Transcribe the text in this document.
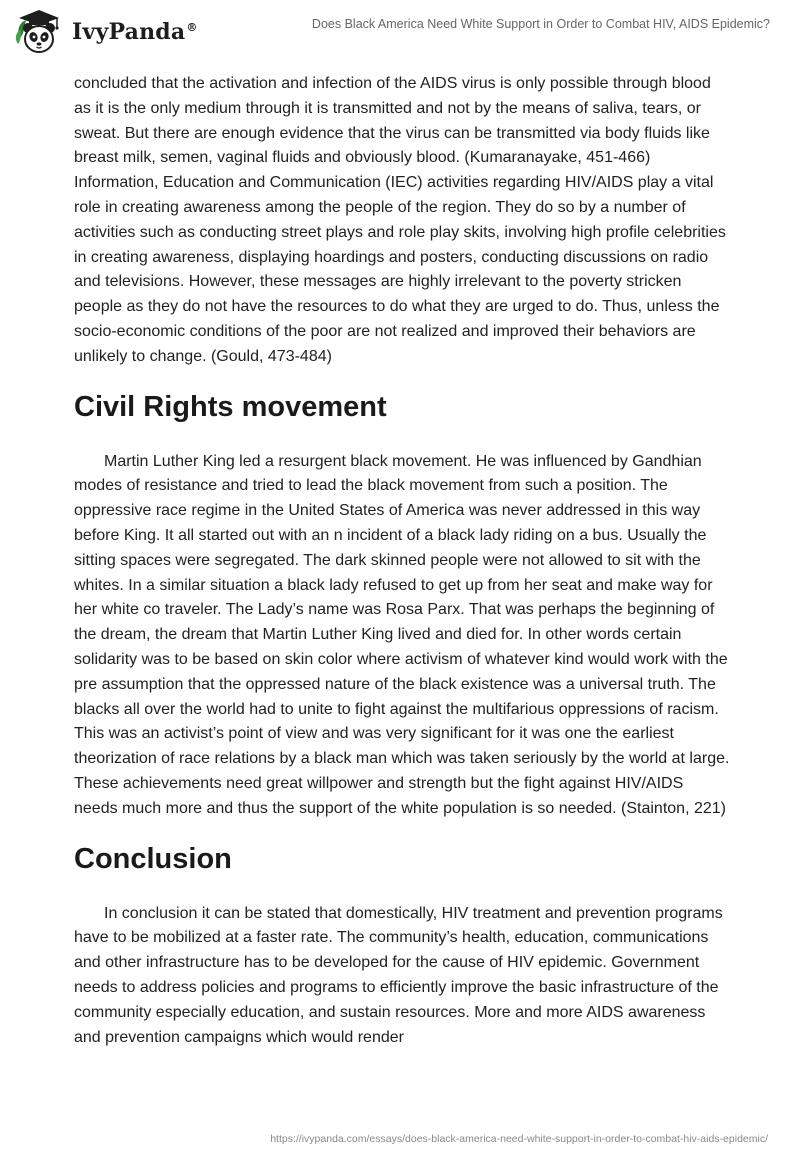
IvyPanda®	Does Black America Need White Support in Order to Combat HIV, AIDS Epidemic?

concluded that the activation and infection of the AIDS virus is only possible through blood as it is the only medium through it is transmitted and not by the means of saliva, tears, or sweat. But there are enough evidence that the virus can be transmitted via body fluids like breast milk, semen, vaginal fluids and obviously blood. (Kumaranayake, 451-466) Information, Education and Communication (IEC) activities regarding HIV/AIDS play a vital role in creating awareness among the people of the region. They do so by a number of activities such as conducting street plays and role play skits, involving high profile celebrities in creating awareness, displaying hoardings and posters, conducting discussions on radio and televisions. However, these messages are highly irrelevant to the poverty stricken people as they do not have the resources to do what they are urged to do. Thus, unless the socio-economic conditions of the poor are not realized and improved their behaviors are unlikely to change. (Gould, 473-484)

Civil Rights movement

Martin Luther King led a resurgent black movement. He was influenced by Gandhian modes of resistance and tried to lead the black movement from such a position. The oppressive race regime in the United States of America was never addressed in this way before King. It all started out with an n incident of a black lady riding on a bus. Usually the sitting spaces were segregated. The dark skinned people were not allowed to sit with the whites. In a similar situation a black lady refused to get up from her seat and make way for her white co traveler. The Lady’s name was Rosa Parx. That was perhaps the beginning of the dream, the dream that Martin Luther King lived and died for. In other words certain solidarity was to be based on skin color where activism of whatever kind would work with the pre assumption that the oppressed nature of the black existence was a universal truth. The blacks all over the world had to unite to fight against the multifarious oppressions of racism. This was an activist’s point of view and was very significant for it was one the earliest theorization of race relations by a black man which was taken seriously by the world at large. These achievements need great willpower and strength but the fight against HIV/AIDS needs much more and thus the support of the white population is so needed. (Stainton, 221)

Conclusion

In conclusion it can be stated that domestically, HIV treatment and prevention programs have to be mobilized at a faster rate. The community’s health, education, communications and other infrastructure has to be developed for the cause of HIV epidemic. Government needs to address policies and programs to efficiently improve the basic infrastructure of the community especially education, and sustain resources. More and more AIDS awareness and prevention campaigns which would render

https://ivypanda.com/essays/does-black-america-need-white-support-in-order-to-combat-hiv-aids-epidemic/
